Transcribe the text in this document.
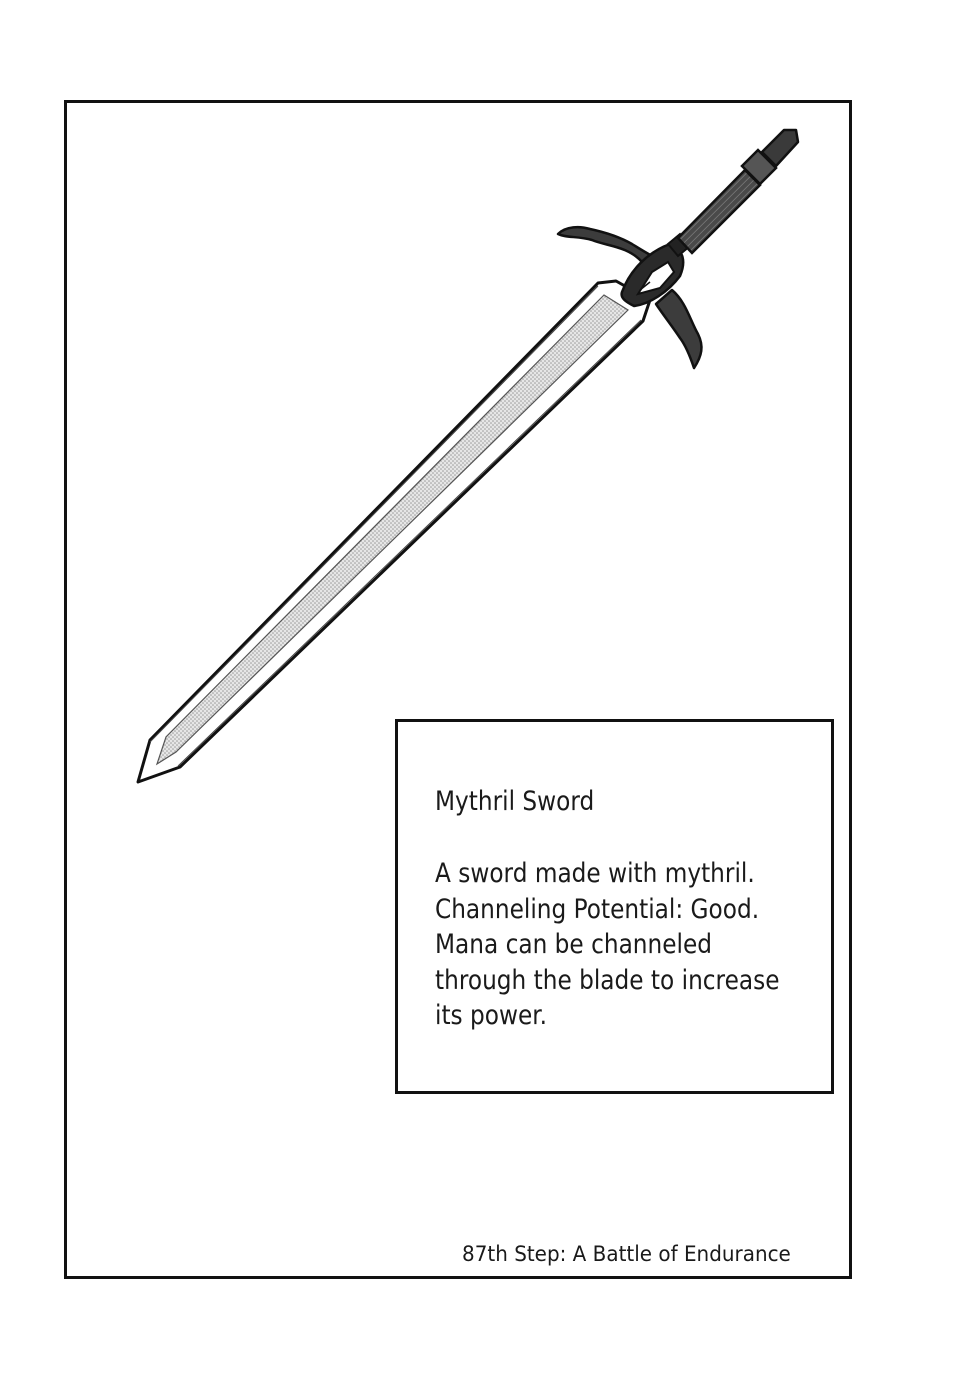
Mythril Sword

A sword made with mythril.
Channeling Potential: Good.
Mana can be channeled
through the blade to increase
its power.

87th Step: A Battle of Endurance
